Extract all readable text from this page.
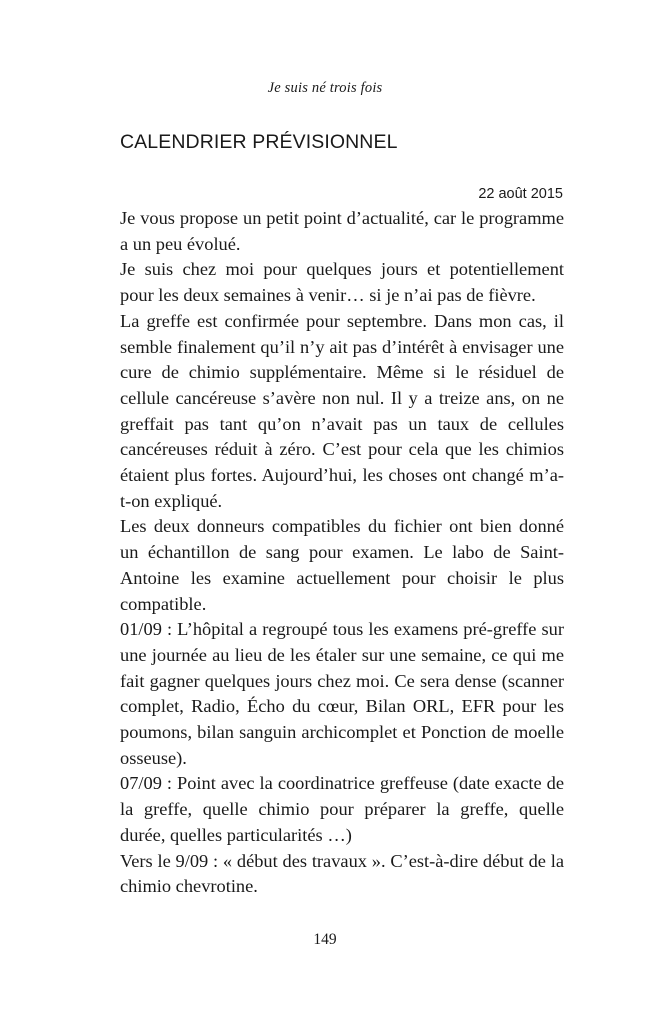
Je suis né trois fois
CALENDRIER PRÉVISIONNEL
22 août 2015

Je vous propose un petit point d’actualité, car le programme a un peu évolué.

Je suis chez moi pour quelques jours et potentiellement pour les deux semaines à venir… si je n’ai pas de fièvre.

La greffe est confirmée pour septembre. Dans mon cas, il semble finalement qu’il n’y ait pas d’intérêt à envisager une cure de chimio supplémentaire. Même si le résiduel de cellule cancéreuse s’avère non nul. Il y a treize ans, on ne greffait pas tant qu’on n’avait pas un taux de cellules cancéreuses réduit à zéro. C’est pour cela que les chimios étaient plus fortes. Aujourd’hui, les choses ont changé m’a-t-on expliqué.

Les deux donneurs compatibles du fichier ont bien donné un échantillon de sang pour examen. Le labo de Saint-Antoine les examine actuellement pour choisir le plus compatible.

01/09 : L’hôpital a regroupé tous les examens pré-greffe sur une journée au lieu de les étaler sur une semaine, ce qui me fait gagner quelques jours chez moi. Ce sera dense (scanner complet, Radio, Écho du cœur, Bilan ORL, EFR pour les poumons, bilan sanguin archicomplet et Ponction de moelle osseuse).

07/09 : Point avec la coordinatrice greffeuse (date exacte de la greffe, quelle chimio pour préparer la greffe, quelle durée, quelles particularités …)

Vers le 9/09 : « début des travaux ». C’est-à-dire début de la chimio chevrotine.

149
